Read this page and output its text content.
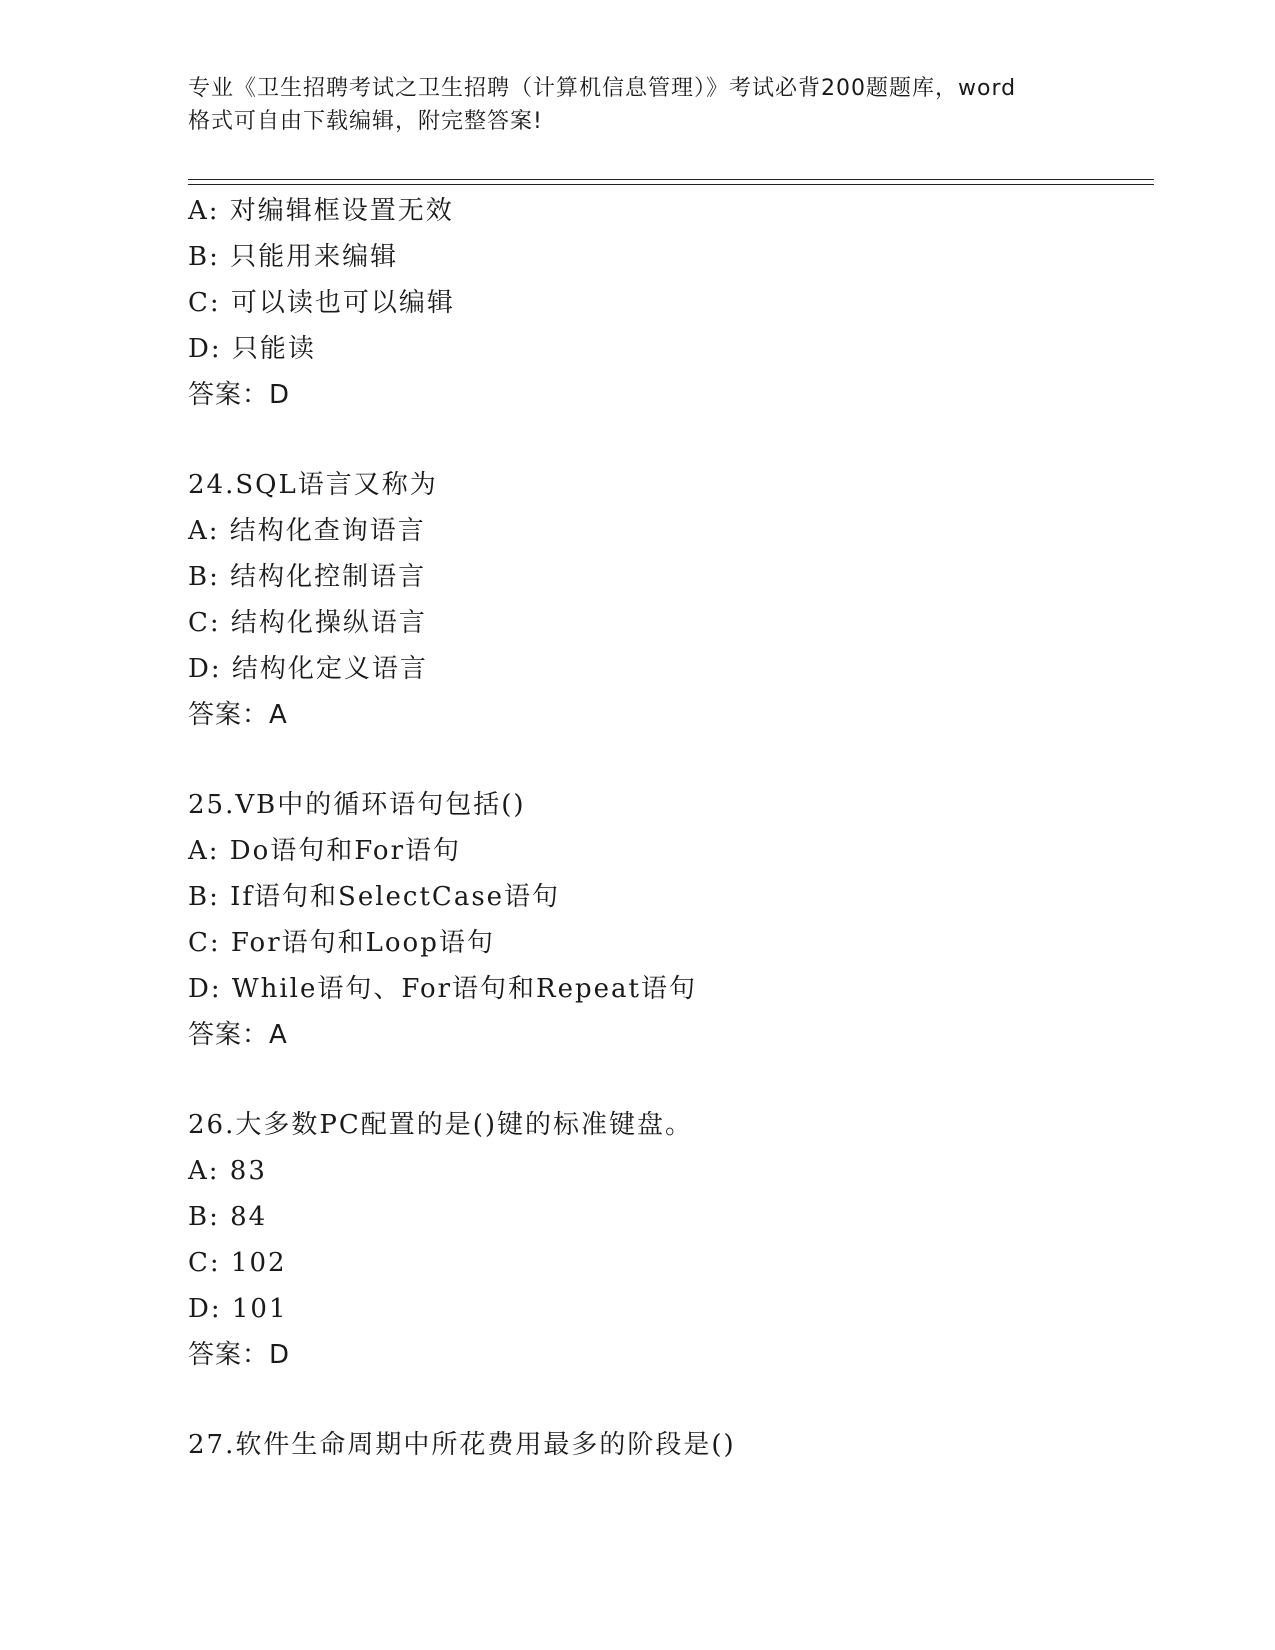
专业《卫生招聘考试之卫生招聘（计算机信息管理）》考试必背200题题库，word
格式可自由下载编辑，附完整答案!
A: 对编辑框设置无效
B: 只能用来编辑
C: 可以读也可以编辑
D: 只能读
答案：D
24.SQL语言又称为
A: 结构化查询语言
B: 结构化控制语言
C: 结构化操纵语言
D: 结构化定义语言
答案：A
25.VB中的循环语句包括()
A: Do语句和For语句
B: If语句和SelectCase语句
C: For语句和Loop语句
D: While语句、For语句和Repeat语句
答案：A
26.大多数PC配置的是()键的标准键盘。
A: 83
B: 84
C: 102
D: 101
答案：D
27.软件生命周期中所花费用最多的阶段是()
